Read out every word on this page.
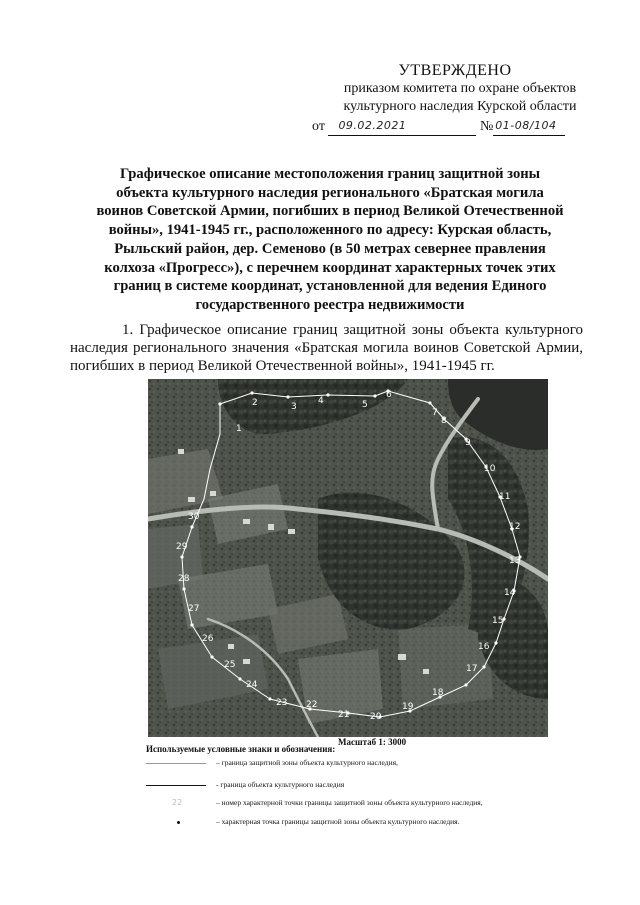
УТВЕРЖДЕНО
приказом комитета по охране объектов
культурного наследия Курской области
от 09.02.2021	№ 01-08/104
Графическое описание местоположения границ защитной зоны
объекта культурного наследия регионального «Братская могила
воинов Советской Армии, погибших в период Великой Отечественной
войны», 1941-1945 гг., расположенного по адресу: Курская область,
Рыльский район, дер. Семеново (в 50 метрах севернее правления
колхоза «Прогресс»), с перечнем координат характерных точек этих
границ в системе координат, установленной для ведения Единого
государственного реестра недвижимости
1. Графическое описание границ защитной зоны объекта культурного наследия регионального значения «Братская могила воинов Советской Армии, погибших в период Великой Отечественной войны», 1941-1945 гг.
1
2	3
4	5
6
7
8
9
10
11
12
13
14
15
16
17
18
19
20
21
22
23
24
25
26
27
28
29
30
Масштаб 1: 3000
Используемые условные знаки и обозначения:
– граница защитной зоны объекта культурного наследия,
- граница объекта культурного наследия
22	– номер характерной точки границы защитной зоны объекта культурного наследия,
– характерная точка границы защитной зоны объекта культурного наследия.
